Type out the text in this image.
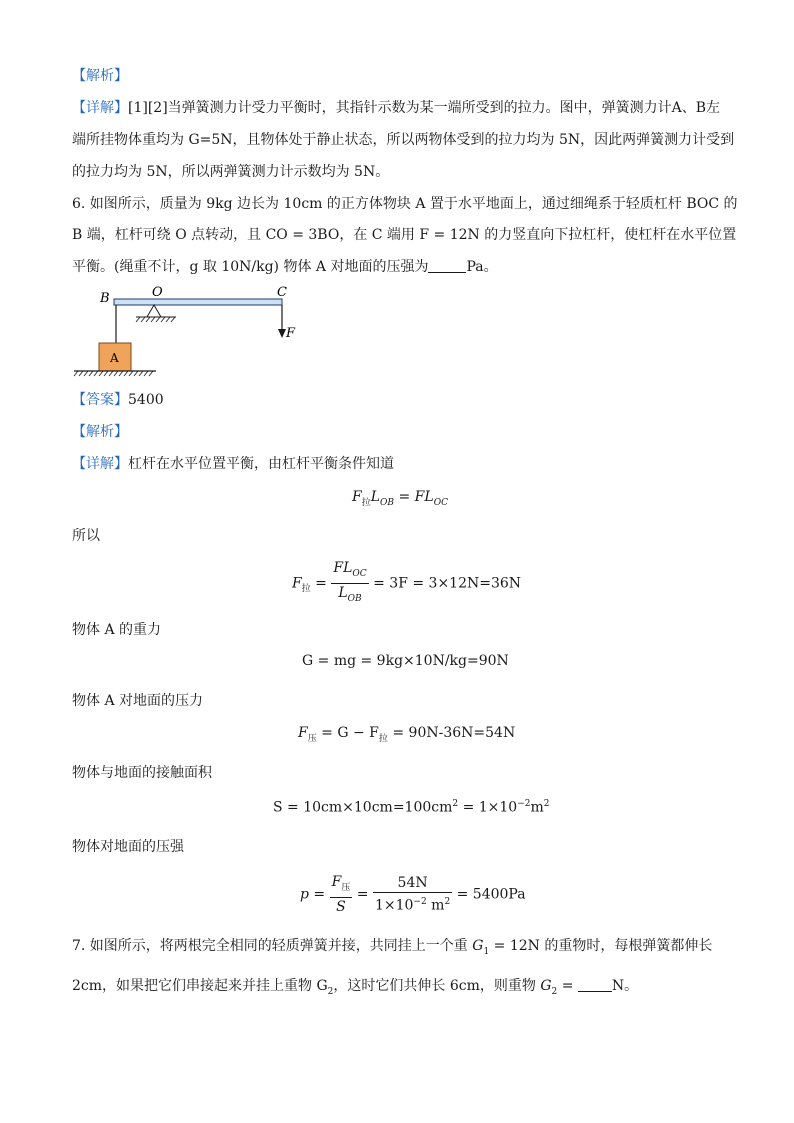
【解析】
【详解】[1][2]当弹簧测力计受力平衡时，其指针示数为某一端所受到的拉力。图中，弹簧测力计A、B左
端所挂物体重均为 G=5N，且物体处于静止状态，所以两物体受到的拉力均为 5N，因此两弹簧测力计受到
的拉力均为 5N，所以两弹簧测力计示数均为 5N。
6. 如图所示，质量为 9kg 边长为 10cm 的正方体物块 A 置于水平地面上，通过细绳系于轻质杠杆 BOC 的
B 端，杠杆可绕 O 点转动，且 CO = 3BO，在 C 端用 F = 12N 的力竖直向下拉杠杆，使杠杆在水平位置
平衡。(绳重不计，g 取 10N/kg) 物体 A 对地面的压强为	Pa。
B	O	C
F
A
【答案】5400
【解析】
【详解】杠杆在水平位置平衡，由杠杆平衡条件知道
$F_拉L_{OB} = FL_{OC}$
所以
$F_拉 = \frac{FL_{OC}}{L_{OB}} = 3F = 3\times 12N=36N$
物体 A 的重力
G = mg = 9kg×10N/kg=90N
物体 A 对地面的压力
$F_压 = G - F_拉 = 90N-36N=54N$
物体与地面的接触面积
$S = 10cm\times 10cm=100cm^2 = 1\times 10^{-2}m^2$
物体对地面的压强
$p = \frac{F_压}{S} = \frac{54N}{1\times 10^{-2} m^2} = 5400Pa$
7. 如图所示，将两根完全相同的轻质弹簧并接，共同挂上一个重 $G_1 = 12N$ 的重物时，每根弹簧都伸长
2cm，如果把它们串接起来并挂上重物 $G_2$，这时它们共伸长 6cm，则重物 $G_2 = N$。
